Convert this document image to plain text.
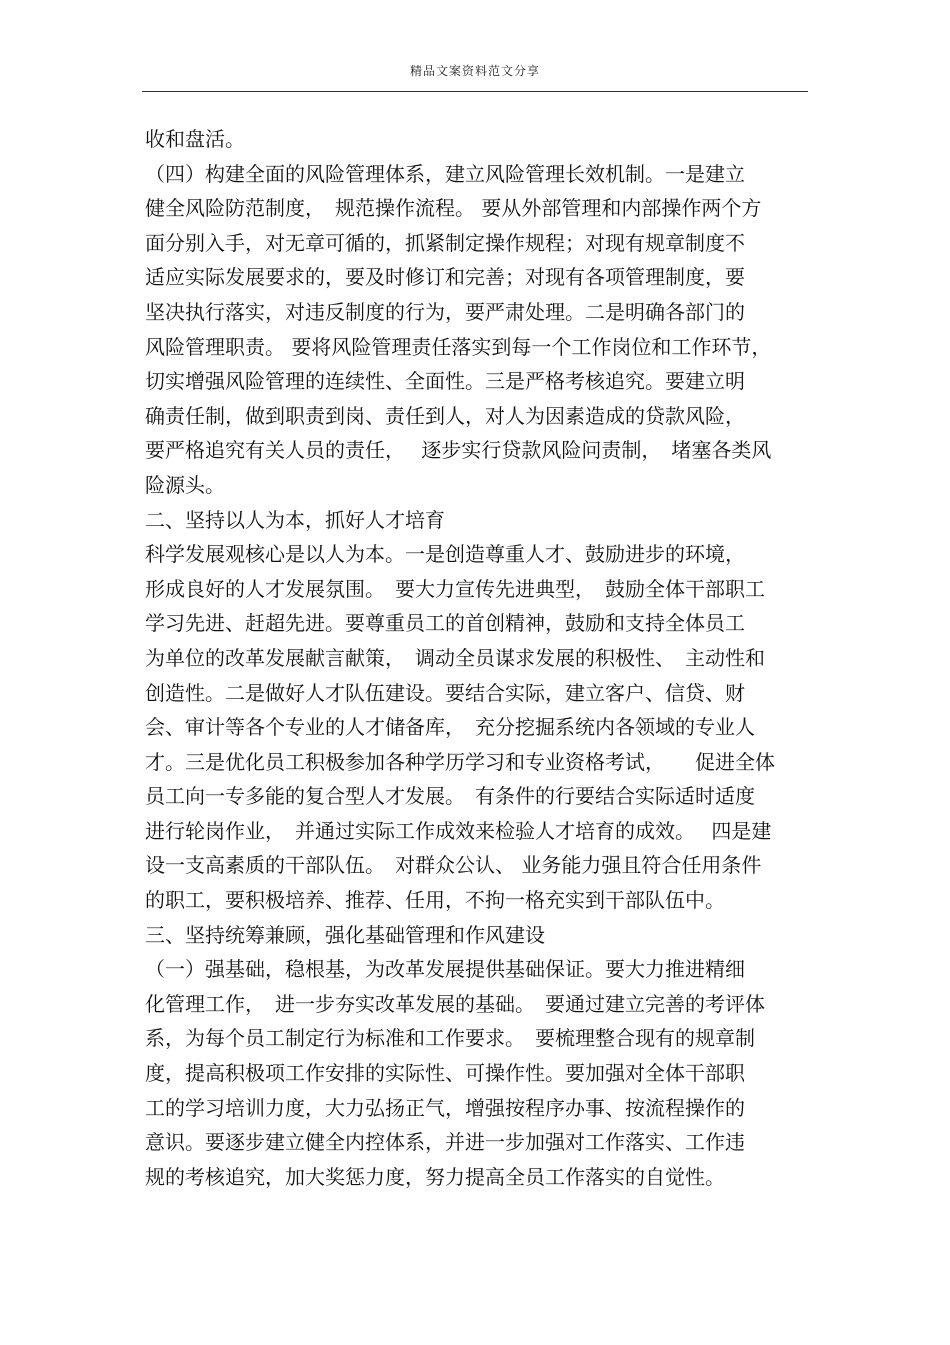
精品文案资料范文分享
收和盘活。
（四）构建全面的风险管理体系，建立风险管理长效机制。一是建立
健全风险防范制度，　规范操作流程。 要从外部管理和内部操作两个方
面分别入手，对无章可循的，抓紧制定操作规程；对现有规章制度不
适应实际发展要求的，要及时修订和完善；对现有各项管理制度，要
坚决执行落实，对违反制度的行为，要严肃处理。二是明确各部门的
风险管理职责。 要将风险管理责任落实到每一个工作岗位和工作环节，
切实增强风险管理的连续性、全面性。三是严格考核追究。要建立明
确责任制，做到职责到岗、责任到人，对人为因素造成的贷款风险，
要严格追究有关人员的责任，　 逐步实行贷款风险问责制，　堵塞各类风
险源头。
二、坚持以人为本，抓好人才培育
科学发展观核心是以人为本。一是创造尊重人才、鼓励进步的环境，
形成良好的人才发展氛围。　要大力宣传先进典型，　鼓励全体干部职工
学习先进、赶超先进。要尊重员工的首创精神，鼓励和支持全体员工
为单位的改革发展献言献策，　调动全员谋求发展的积极性、　主动性和
创造性。二是做好人才队伍建设。要结合实际，建立客户、信贷、财
会、审计等各个专业的人才储备库，　充分挖掘系统内各领域的专业人
才。三是优化员工积极参加各种学历学习和专业资格考试，　　促进全体
员工向一专多能的复合型人才发展。　有条件的行要结合实际适时适度
进行轮岗作业，　并通过实际工作成效来检验人才培育的成效。　 四是建
设一支高素质的干部队伍。　对群众公认、 业务能力强且符合任用条件
的职工，要积极培养、推荐、任用，不拘一格充实到干部队伍中。
三、坚持统筹兼顾，强化基础管理和作风建设
（一）强基础，稳根基，为改革发展提供基础保证。要大力推进精细
化管理工作，　进一步夯实改革发展的基础。　要通过建立完善的考评体
系，为每个员工制定行为标准和工作要求。　要梳理整合现有的规章制
度，提高积极项工作安排的实际性、可操作性。要加强对全体干部职
工的学习培训力度，大力弘扬正气，增强按程序办事、按流程操作的
意识。要逐步建立健全内控体系，并进一步加强对工作落实、工作违
规的考核追究，加大奖惩力度，努力提高全员工作落实的自觉性。
